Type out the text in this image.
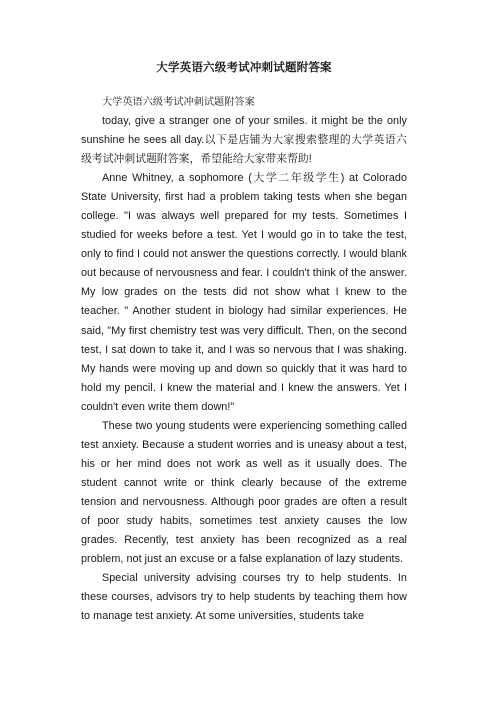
大学英语六级考试冲刺试题附答案

大学英语六级考试冲刺试题附答案

today, give a stranger one of your smiles. it might be the only sunshine he sees all day.以下是店铺为大家搜索整理的大学英语六级考试冲刺试题附答案，希望能给大家带来帮助!

Anne Whitney, a sophomore (大学二年级学生) at Colorado State University, first had a problem taking tests when she began college. "I was always well prepared for my tests. Sometimes I studied for weeks before a test. Yet I would go in to take the test, only to find I could not answer the questions correctly. I would blank out because of nervousness and fear. I couldn't think of the answer. My low grades on the tests did not show what I knew to the teacher. " Another student in biology had similar experiences. He said, "My first chemistry test was very difficult. Then, on the second test, I sat down to take it, and I was so nervous that I was shaking. My hands were moving up and down so quickly that it was hard to hold my pencil. I knew the material and I knew the answers. Yet I couldn't even write them down!"

These two young students were experiencing something called test anxiety. Because a student worries and is uneasy about a test, his or her mind does not work as well as it usually does. The student cannot write or think clearly because of the extreme tension and nervousness. Although poor grades are often a result of poor study habits, sometimes test anxiety causes the low grades. Recently, test anxiety has been recognized as a real problem, not just an excuse or a false explanation of lazy students.

Special university advising courses try to help students. In these courses, advisors try to help students by teaching them how to manage test anxiety. At some universities, students take
